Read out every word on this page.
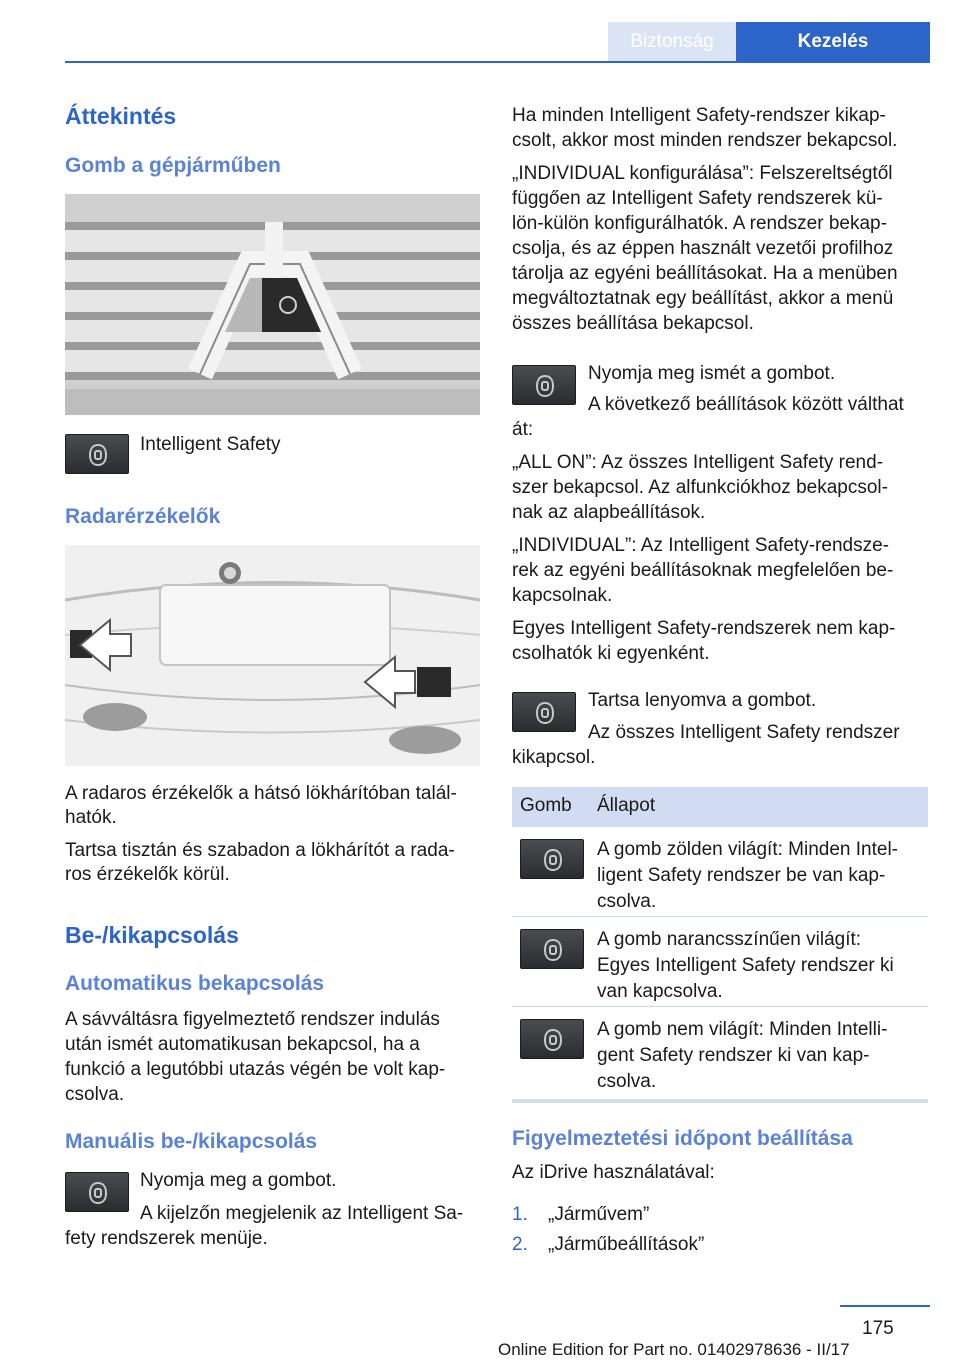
Biztonság	Kezelés
Áttekintés
Gomb a gépjárműben
Intelligent Safety
Radarérzékelők
A radaros érzékelők a hátsó lökhárítóban talál-
hatók.
Tartsa tisztán és szabadon a lökhárítót a rada-
ros érzékelők körül.
Be-/kikapcsolás
Automatikus bekapcsolás
A sávváltásra figyelmeztető rendszer indulás
után ismét automatikusan bekapcsol, ha a
funkció a legutóbbi utazás végén be volt kap-
csolva.
Manuális be-/kikapcsolás
Nyomja meg a gombot.
A kijelzőn megjelenik az Intelligent Sa-
fety rendszerek menüje.
Ha minden Intelligent Safety-rendszer kikap-
csolt, akkor most minden rendszer bekapcsol.
„INDIVIDUAL konfigurálása”: Felszereltségtől
függően az Intelligent Safety rendszerek kü-
lön-külön konfigurálhatók. A rendszer bekap-
csolja, és az éppen használt vezetői profilhoz
tárolja az egyéni beállításokat. Ha a menüben
megváltoztatnak egy beállítást, akkor a menü
összes beállítása bekapcsol.
Nyomja meg ismét a gombot.
A következő beállítások között válthat
át:
„ALL ON”: Az összes Intelligent Safety rend-
szer bekapcsol. Az alfunkciókhoz bekapcsol-
nak az alapbeállítások.
„INDIVIDUAL”: Az Intelligent Safety-rendsze-
rek az egyéni beállításoknak megfelelően be-
kapcsolnak.
Egyes Intelligent Safety-rendszerek nem kap-
csolhatók ki egyenként.
Tartsa lenyomva a gombot.
Az összes Intelligent Safety rendszer
kikapcsol.
Gomb Állapot
A gomb zölden világít: Minden Intel-
ligent Safety rendszer be van kap-
csolva.
A gomb narancsszínűen világít:
Egyes Intelligent Safety rendszer ki
van kapcsolva.
A gomb nem világít: Minden Intelli-
gent Safety rendszer ki van kap-
csolva.
Figyelmeztetési időpont beállítása
Az iDrive használatával:
1. „Járművem”
2. „Járműbeállítások”
175
Online Edition for Part no. 01402978636 - II/17
